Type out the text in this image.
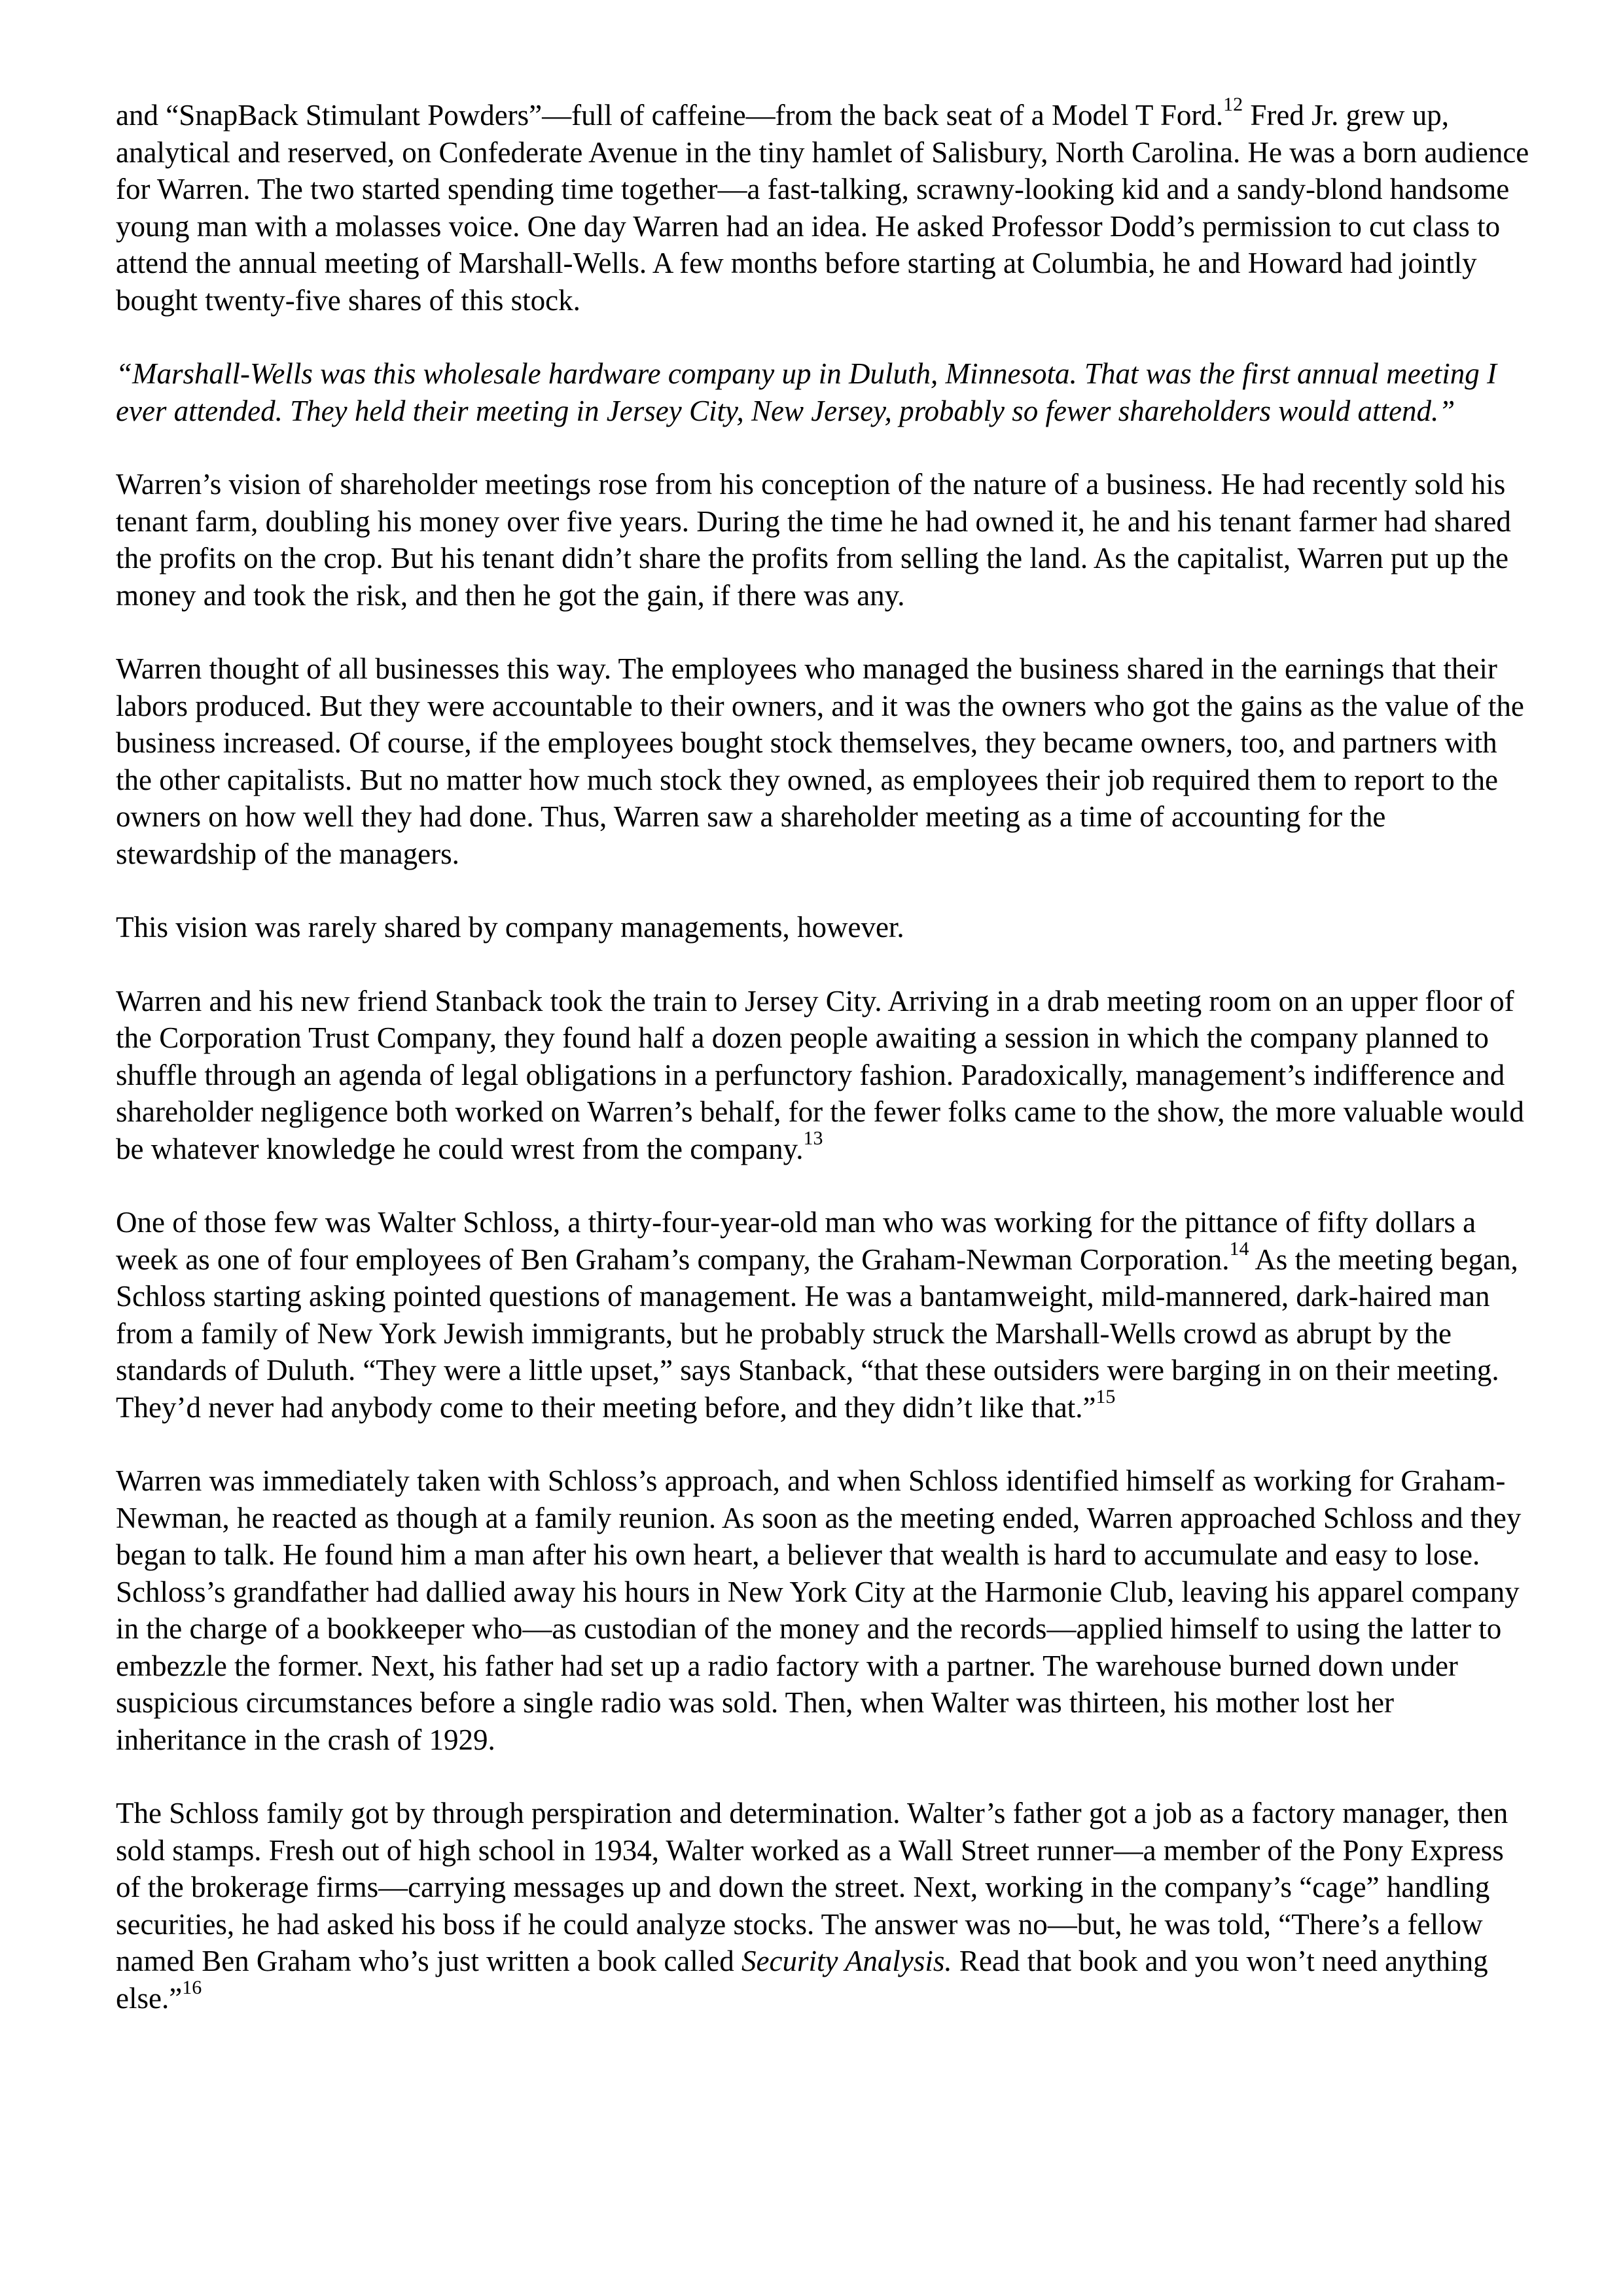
and “SnapBack Stimulant Powders”—full of caffeine—from the back seat of a Model T Ford.$^{12}$ Fred Jr. grew up, analytical and reserved, on Confederate Avenue in the tiny hamlet of Salisbury, North Carolina. He was a born audience for Warren. The two started spending time together—a fast-talking, scrawny-looking kid and a sandy-blond handsome young man with a molasses voice. One day Warren had an idea. He asked Professor Dodd’s permission to cut class to attend the annual meeting of Marshall-Wells. A few months before starting at Columbia, he and Howard had jointly bought twenty-five shares of this stock.

“Marshall-Wells was this wholesale hardware company up in Duluth, Minnesota. That was the first annual meeting I ever attended. They held their meeting in Jersey City, New Jersey, probably so fewer shareholders would attend.”

Warren’s vision of shareholder meetings rose from his conception of the nature of a business. He had recently sold his tenant farm, doubling his money over five years. During the time he had owned it, he and his tenant farmer had shared the profits on the crop. But his tenant didn’t share the profits from selling the land. As the capitalist, Warren put up the money and took the risk, and then he got the gain, if there was any.

Warren thought of all businesses this way. The employees who managed the business shared in the earnings that their labors produced. But they were accountable to their owners, and it was the owners who got the gains as the value of the business increased. Of course, if the employees bought stock themselves, they became owners, too, and partners with the other capitalists. But no matter how much stock they owned, as employees their job required them to report to the owners on how well they had done. Thus, Warren saw a shareholder meeting as a time of accounting for the stewardship of the managers.

This vision was rarely shared by company managements, however.

Warren and his new friend Stanback took the train to Jersey City. Arriving in a drab meeting room on an upper floor of the Corporation Trust Company, they found half a dozen people awaiting a session in which the company planned to shuffle through an agenda of legal obligations in a perfunctory fashion. Paradoxically, management’s indifference and shareholder negligence both worked on Warren’s behalf, for the fewer folks came to the show, the more valuable would be whatever knowledge he could wrest from the company.$^{13}$

One of those few was Walter Schloss, a thirty-four-year-old man who was working for the pittance of fifty dollars a week as one of four employees of Ben Graham’s company, the Graham-Newman Corporation.$^{14}$ As the meeting began, Schloss starting asking pointed questions of management. He was a bantamweight, mild-mannered, dark-haired man from a family of New York Jewish immigrants, but he probably struck the Marshall-Wells crowd as abrupt by the standards of Duluth. “They were a little upset,” says Stanback, “that these outsiders were barging in on their meeting. They’d never had anybody come to their meeting before, and they didn’t like that.”$^{15}$

Warren was immediately taken with Schloss’s approach, and when Schloss identified himself as working for Graham-Newman, he reacted as though at a family reunion. As soon as the meeting ended, Warren approached Schloss and they began to talk. He found him a man after his own heart, a believer that wealth is hard to accumulate and easy to lose. Schloss’s grandfather had dallied away his hours in New York City at the Harmonie Club, leaving his apparel company in the charge of a bookkeeper who—as custodian of the money and the records—applied himself to using the latter to embezzle the former. Next, his father had set up a radio factory with a partner. The warehouse burned down under suspicious circumstances before a single radio was sold. Then, when Walter was thirteen, his mother lost her inheritance in the crash of 1929.

The Schloss family got by through perspiration and determination. Walter’s father got a job as a factory manager, then sold stamps. Fresh out of high school in 1934, Walter worked as a Wall Street runner—a member of the Pony Express of the brokerage firms—carrying messages up and down the street. Next, working in the company’s “cage” handling securities, he had asked his boss if he could analyze stocks. The answer was no—but, he was told, “There’s a fellow named Ben Graham who’s just written a book called Security Analysis. Read that book and you won’t need anything else.”$^{16}$
